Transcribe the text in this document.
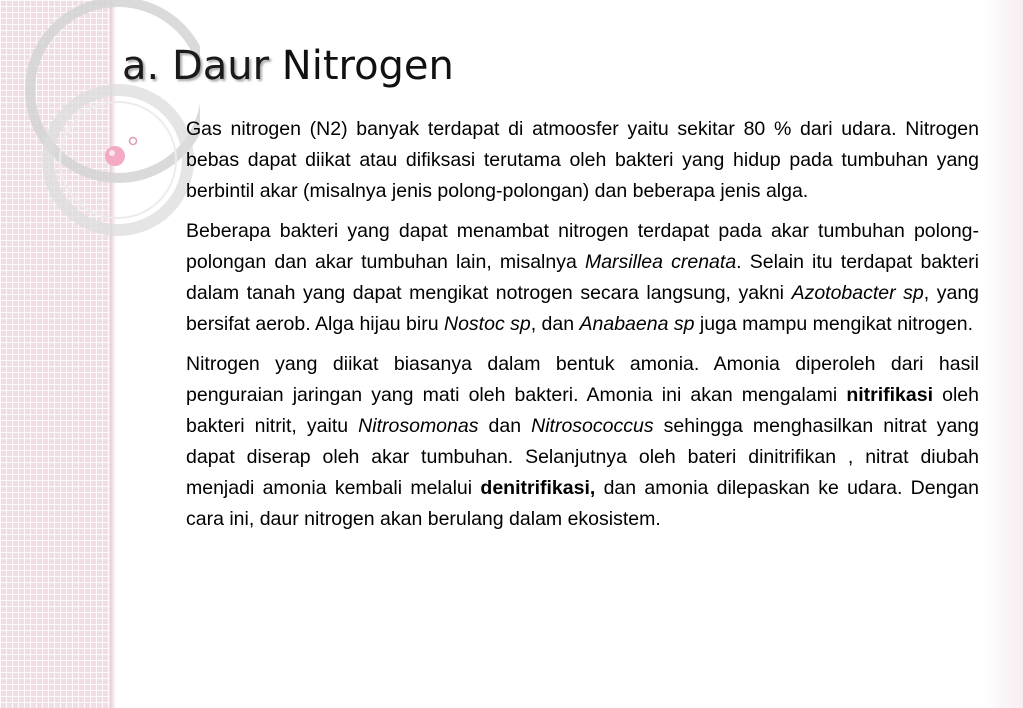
a. Daur Nitrogen

Gas nitrogen (N2) banyak terdapat di atmoosfer yaitu sekitar 80 % dari udara. Nitrogen bebas dapat diikat atau difiksasi terutama oleh bakteri yang hidup pada tumbuhan yang berbintil akar (misalnya jenis polong-polongan) dan beberapa jenis alga.

Beberapa bakteri yang dapat menambat nitrogen terdapat pada akar tumbuhan polong-polongan dan akar tumbuhan lain, misalnya Marsillea crenata. Selain itu terdapat bakteri dalam tanah yang dapat mengikat notrogen secara langsung, yakni Azotobacter sp, yang bersifat aerob. Alga hijau biru Nostoc sp, dan Anabaena sp juga mampu mengikat nitrogen.

Nitrogen yang diikat biasanya dalam bentuk amonia. Amonia diperoleh dari hasil penguraian jaringan yang mati oleh bakteri. Amonia ini akan mengalami nitrifikasi oleh bakteri nitrit, yaitu Nitrosomonas dan Nitrosococcus sehingga menghasilkan nitrat yang dapat diserap oleh akar tumbuhan. Selanjutnya oleh bateri dinitrifikan , nitrat diubah menjadi amonia kembali melalui denitrifikasi, dan amonia dilepaskan ke udara. Dengan cara ini, daur nitrogen akan berulang dalam ekosistem.
